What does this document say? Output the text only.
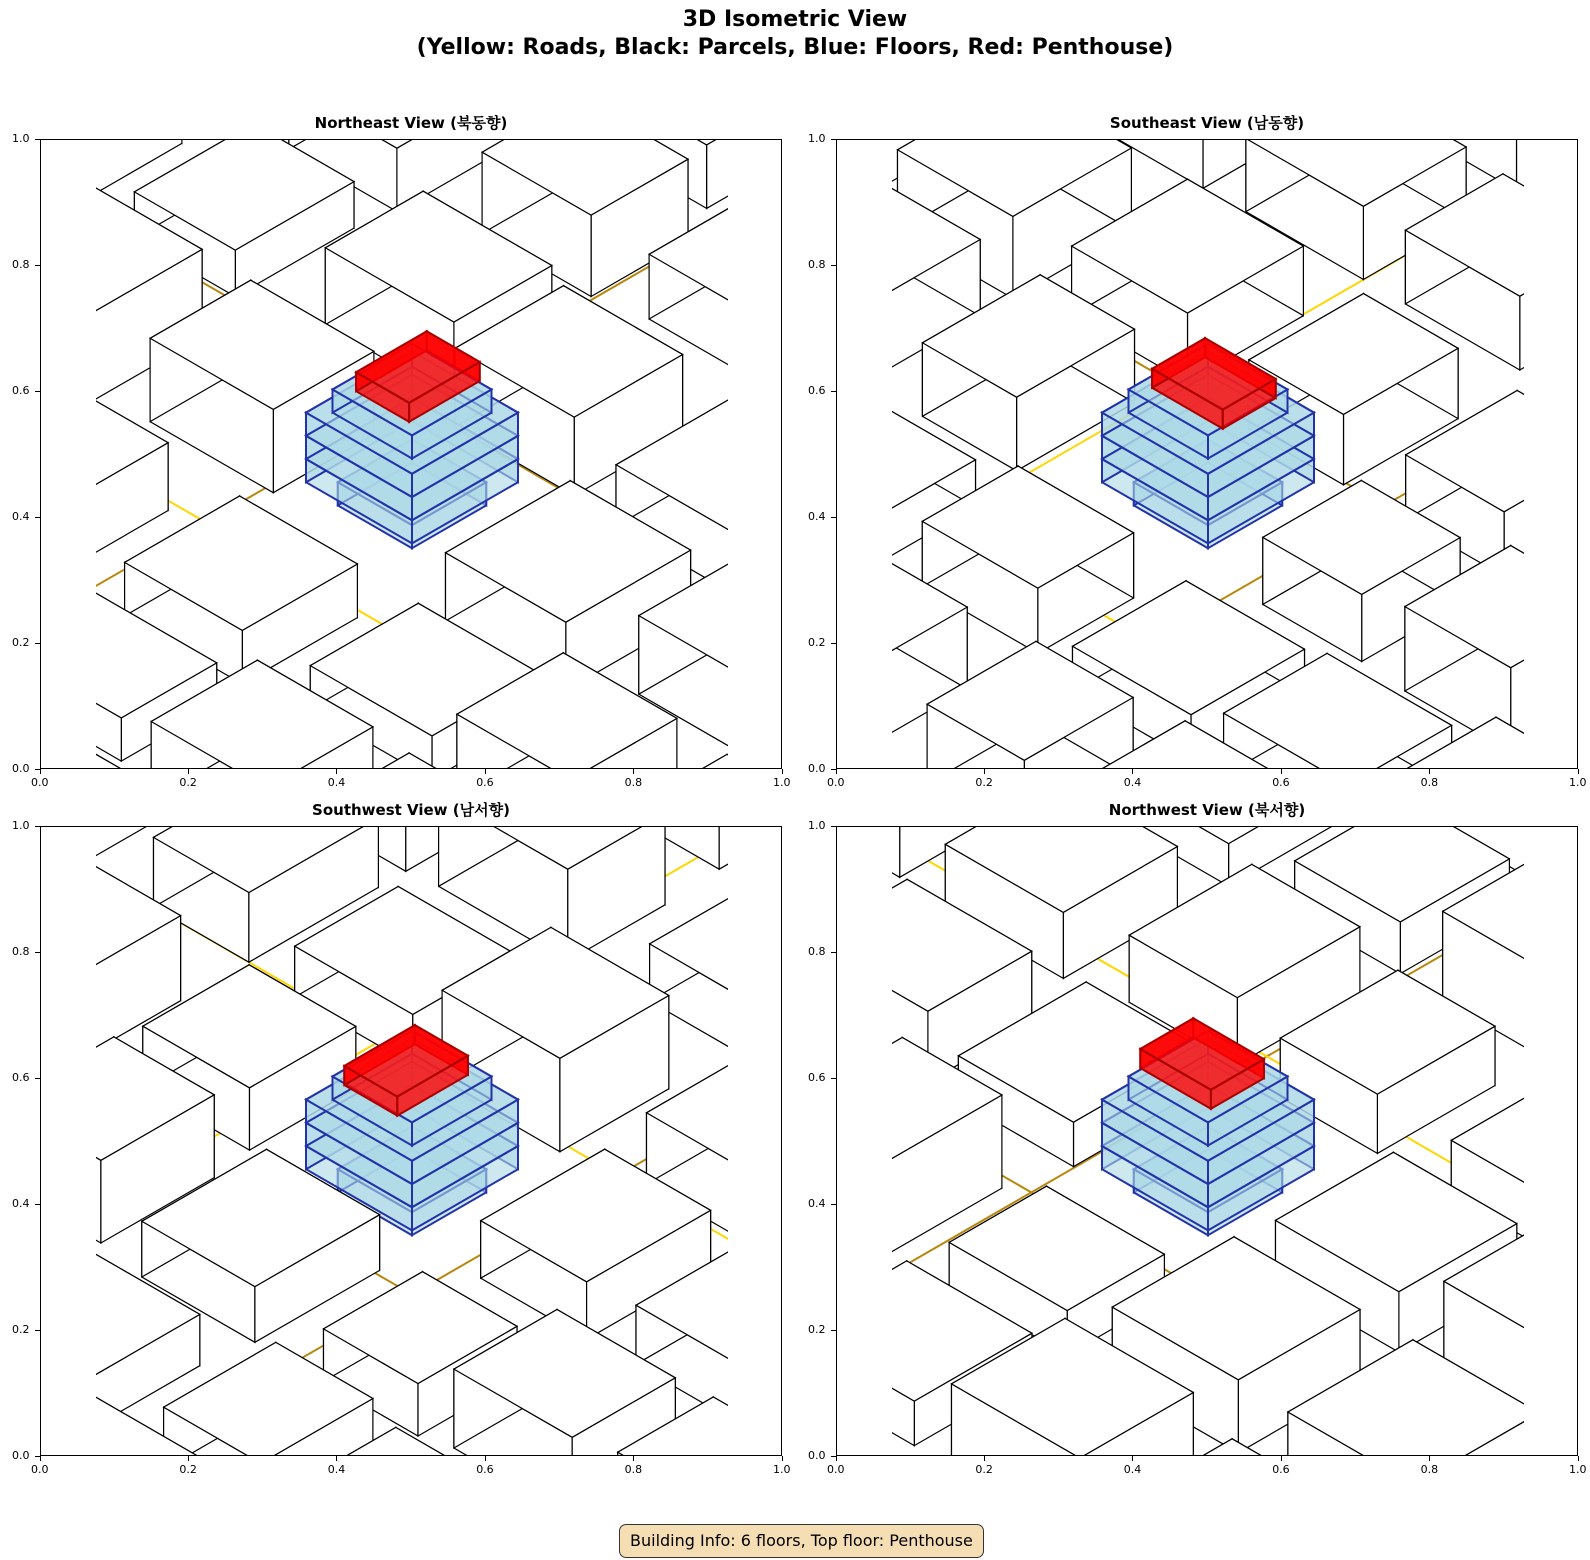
3D Isometric View
(Yellow: Roads, Black: Parcels, Blue: Floors, Red: Penthouse)
Northeast View (북동향)
0.0
0.0
0.2
0.2
0.4
0.4
0.6
0.6
0.8
0.8
1.0
1.0
Southeast View (남동향)
0.0
0.0
0.2
0.2
0.4
0.4
0.6
0.6
0.8
0.8
1.0
1.0
Southwest View (남서향)
0.0
0.0
0.2
0.2
0.4
0.4
0.6
0.6
0.8
0.8
1.0
1.0
Northwest View (북서향)
0.0
0.0
0.2
0.2
0.4
0.4
0.6
0.6
0.8
0.8
1.0
1.0
Building Info: 6 floors, Top floor: Penthouse
